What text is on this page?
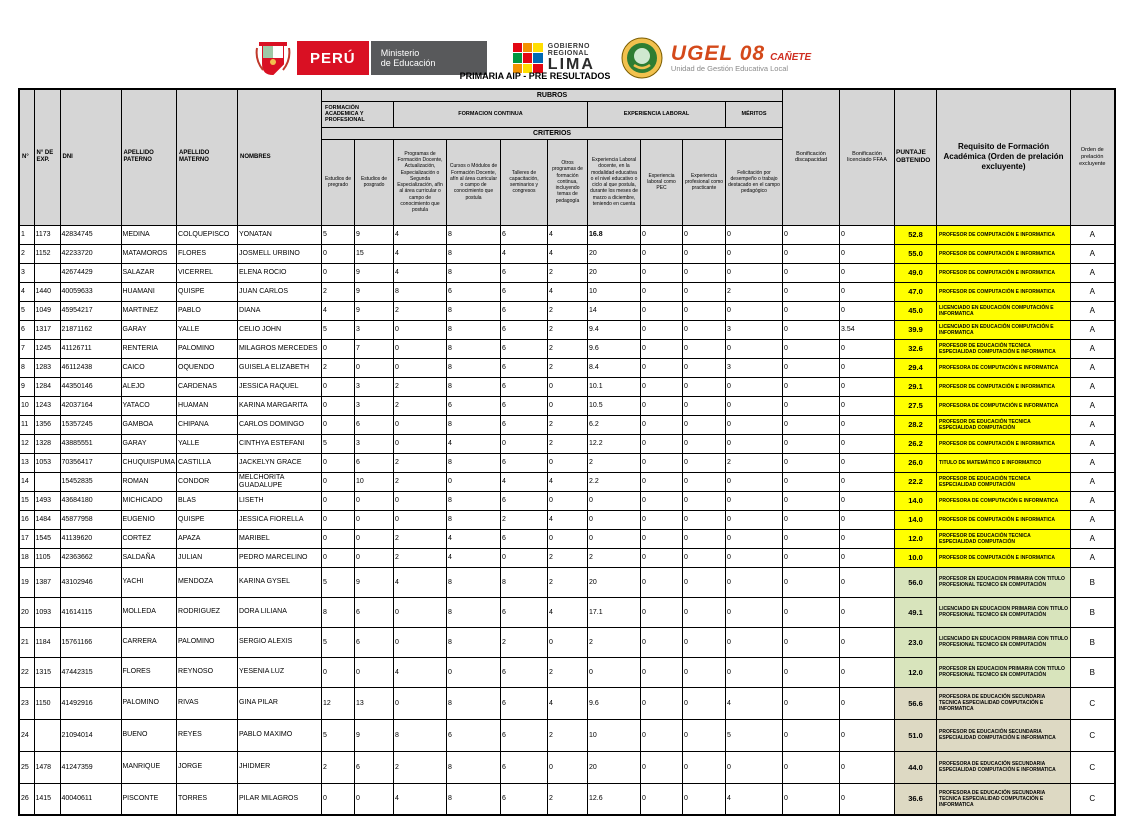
PERÚ	Ministerio
de Educación
GOBIERNO
REGIONAL
LIMA	UGEL 08 CAÑETE
Unidad de Gestión Educativa Local
PRIMARIA AIP - PRE RESULTADOS
N°	N° DE EXP.	DNI	APELLIDO PATERNO	APELLIDO MATERNO	NOMBRES	RUBROS										Bonificación discapacidad	Bonificación licenciado FFAA	PUNTAJE OBTENIDO	Requisito de Formación Académica (Orden de prelación excluyente)	Orden de prelación excluyente
						FORMACIÓN ACADEMICA Y PROFESIONAL		FORMACION CONTINUA				EXPERIENCIA LABORAL			MÉRITOS					
						CRITERIOS														
						Estudios de pregrado	Estudios de posgrado	Programas de Formación Docente, Actualización, Especialización o Segunda Especialización, afín al área curricular o campo de conocimiento que postula	Cursos o Módulos de Formación Docente, afín al área curricular o campo de conocimiento que postula	Talleres de capacitación, seminarios y congresos	Otros programas de formación continua, incluyendo temas de pedagogía	Experiencia Laboral docente, en la modalidad educativa o el nivel educativo o ciclo al que postula, durante los meses de marzo a diciembre, teniendo en cuenta	Experiencia laboral como PEC	Experiencia profesional como practicante	Felicitación por desempeño o trabajo destacado en el campo pedagógico					
1	1173	42834745	MEDINA	COLQUEPISCO	YONATAN	5	9	4	8	6	4	16.8	0	0	0	0	0	52.8	PROFESOR DE COMPUTACIÓN E INFORMATICA	A
2	1152	42233720	MATAMOROS	FLORES	JOSMELL URBINO	0	15	4	8	4	4	20	0	0	0	0	0	55.0	PROFESOR DE COMPUTACIÓN E INFORMATICA	A
3		42674429	SALAZAR	VICERREL	ELENA ROCIO	0	9	4	8	6	2	20	0	0	0	0	0	49.0	PROFESOR DE COMPUTACIÓN E INFORMATICA	A
4	1440	40059633	HUAMANI	QUISPE	JUAN CARLOS	2	9	8	6	6	4	10	0	0	2	0	0	47.0	PROFESOR DE COMPUTACIÓN E INFORMATICA	A
5	1049	45954217	MARTINEZ	PABLO	DIANA	4	9	2	8	6	2	14	0	0	0	0	0	45.0	LICENCIADO EN EDUCACIÓN COMPUTACIÓN E INFORMATICA	A
6	1317	21871162	GARAY	YALLE	CELIO JOHN	5	3	0	8	6	2	9.4	0	0	3	0	3.54	39.9	LICENCIADO EN EDUCACIÓN COMPUTACIÓN E INFORMATICA	A
7	1245	41126711	RENTERIA	PALOMINO	MILAGROS MERCEDES	0	7	0	8	6	2	9.6	0	0	0	0	0	32.6	PROFESOR DE EDUCACIÓN TECNICA ESPECIALIDAD COMPUTACIÓN E INFORMATICA	A
8	1283	46112438	CAICO	OQUENDO	GUISELA ELIZABETH	2	0	0	8	6	2	8.4	0	0	3	0	0	29.4	PROFESORA DE COMPUTACIÓN E INFORMATICA	A
9	1284	44350146	ALEJO	CARDENAS	JESSICA RAQUEL	0	3	2	8	6	0	10.1	0	0	0	0	0	29.1	PROFESOR DE COMPUTACIÓN E INFORMATICA	A
10	1243	42037164	YATACO	HUAMAN	KARINA MARGARITA	0	3	2	6	6	0	10.5	0	0	0	0	0	27.5	PROFESORA DE COMPUTACIÓN E INFORMATICA	A
11	1356	15357245	GAMBOA	CHIPANA	CARLOS DOMINGO	0	6	0	8	6	2	6.2	0	0	0	0	0	28.2	PROFESOR DE EDUCACIÓN TECNICA ESPECIALIDAD COMPUTACIÓN	A
12	1328	43885551	GARAY	YALLE	CINTHYA ESTEFANI	5	3	0	4	0	2	12.2	0	0	0	0	0	26.2	PROFESOR DE COMPUTACIÓN E INFORMATICA	A
13	1053	70356417	CHUQUISPUMA	CASTILLA	JACKELYN GRACE	0	6	2	8	6	0	2	0	0	2	0	0	26.0	TITULO DE MATEMÁTICO E INFORMATICO	A
14		15452835	ROMAN	CONDOR	MELCHORITA GUADALUPE	0	10	2	0	4	4	2.2	0	0	0	0	0	22.2	PROFESOR DE EDUCACIÓN TECNICA ESPECIALIDAD COMPUTACIÓN	A
15	1493	43684180	MICHICADO	BLAS	LISETH	0	0	0	8	6	0	0	0	0	0	0	0	14.0	PROFESORA DE COMPUTACIÓN E INFORMATICA	A
16	1484	45877958	EUGENIO	QUISPE	JESSICA FIORELLA	0	0	0	8	2	4	0	0	0	0	0	0	14.0	PROFESOR DE COMPUTACIÓN E INFORMATICA	A
17	1545	41139620	CORTEZ	APAZA	MARIBEL	0	0	2	4	6	0	0	0	0	0	0	0	12.0	PROFESOR DE EDUCACIÓN TECNICA ESPECIALIDAD COMPUTACIÓN	A
18	1105	42363662	SALDAÑA	JULIAN	PEDRO MARCELINO	0	0	2	4	0	2	2	0	0	0	0	0	10.0	PROFESOR DE COMPUTACIÓN E INFORMATICA	A
19	1387	43102946	YACHI	MENDOZA	KARINA GYSEL	5	9	4	8	8	2	20	0	0	0	0	0	56.0	PROFESOR EN EDUCACION PRIMARIA CON TITULO PROFESIONAL TECNICO EN COMPUTACIÓN	B
20	1093	41614115	MOLLEDA	RODRIGUEZ	DORA LILIANA	8	6	0	8	6	4	17.1	0	0	0	0	0	49.1	LICENCIADO EN EDUCACION PRIMARIA CON TITULO PROFESIONAL TECNICO EN COMPUTACIÓN	B
21	1184	15761166	CARRERA	PALOMINO	SERGIO ALEXIS	5	6	0	8	2	0	2	0	0	0	0	0	23.0	LICENCIADO EN EDUCACION PRIMARIA CON TITULO PROFESIONAL TECNICO EN COMPUTACIÓN	B
22	1315	47442315	FLORES	REYNOSO	YESENIA LUZ	0	0	4	0	6	2	0	0	0	0	0	0	12.0	PROFESOR EN EDUCACION PRIMARIA CON TITULO PROFESIONAL TECNICO EN COMPUTACIÓN	B
23	1150	41492916	PALOMINO	RIVAS	GINA PILAR	12	13	0	8	6	4	9.6	0	0	4	0	0	56.6	PROFESORA DE EDUCACIÓN SECUNDARIA TECNICA ESPECIALIDAD COMPUTACIÓN E INFORMATICA	C
24		21094014	BUENO	REYES	PABLO MAXIMO	5	9	8	6	6	2	10	0	0	5	0	0	51.0	PROFESOR DE EDUCACIÓN SECUNDARIA ESPECIALIDAD COMPUTACIÓN E INFORMATICA	C
25	1478	41247359	MANRIQUE	JORGE	JHIDMER	2	6	2	8	6	0	20	0	0	0	0	0	44.0	PROFESORA DE EDUCACIÓN SECUNDARIA ESPECIALIDAD COMPUTACIÓN E INFORMATICA	C
26	1415	40040611	PISCONTE	TORRES	PILAR MILAGROS	0	0	4	8	6	2	12.6	0	0	4	0	0	36.6	PROFESORA DE EDUCACIÓN SECUNDARIA TECNICA ESPECIALIDAD COMPUTACIÓN E INFORMATICA	C
